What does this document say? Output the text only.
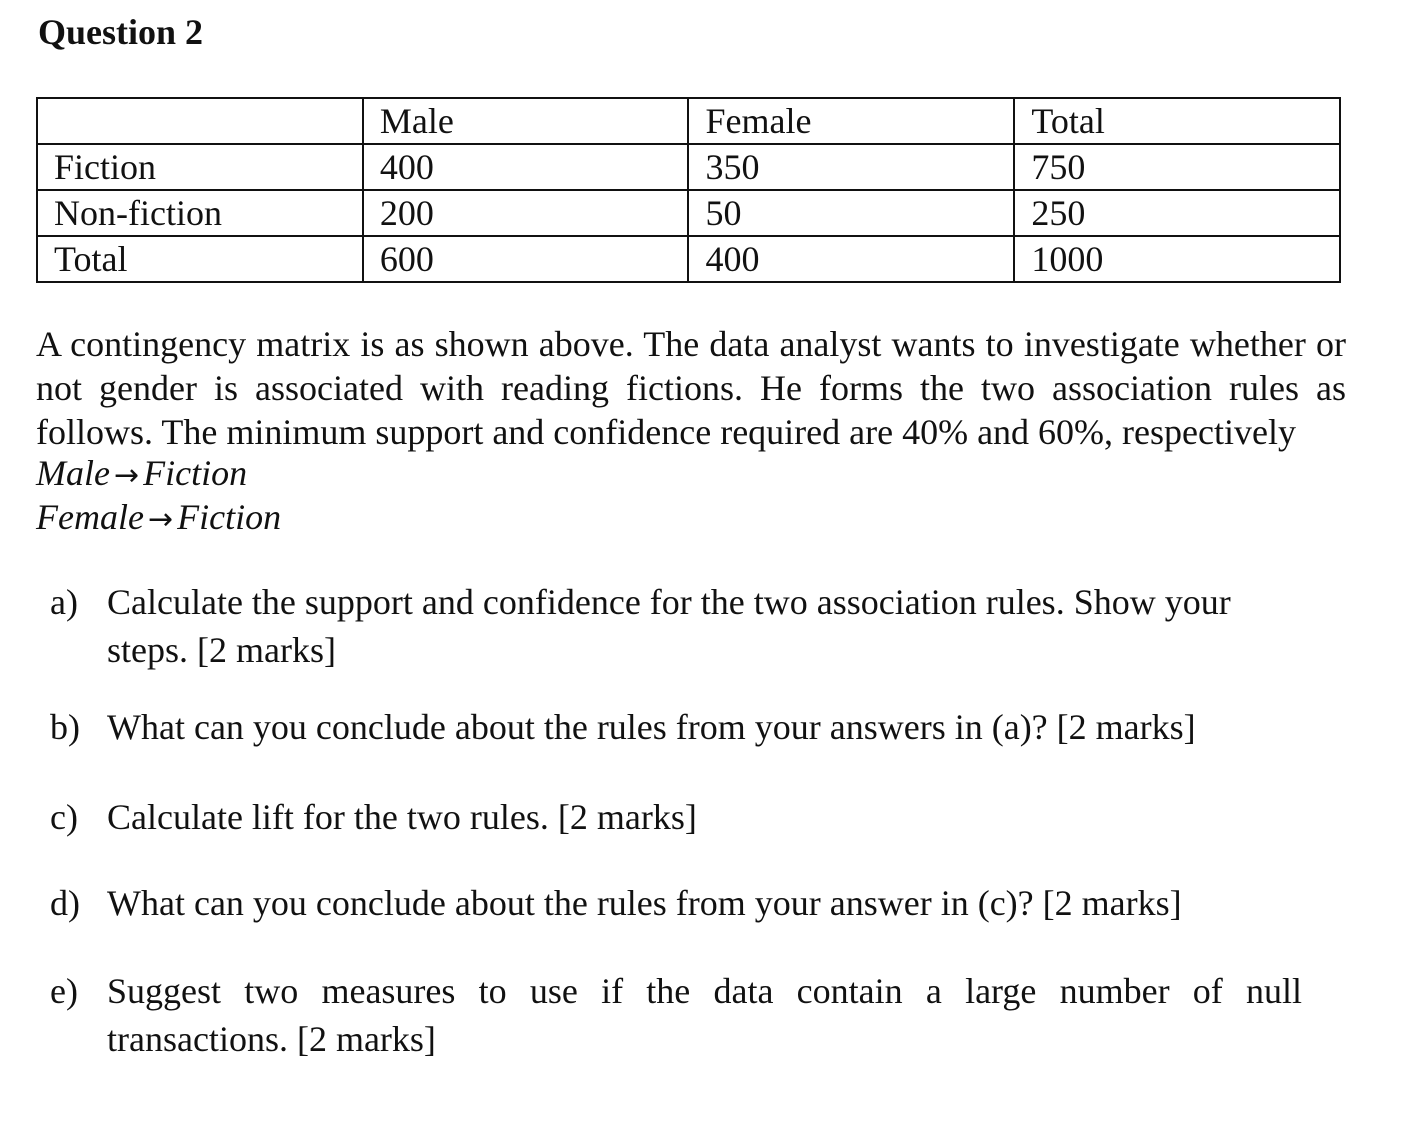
Question 2
	Male	Female	Total
Fiction	400	350	750
Non-fiction	200	50	250
Total	600	400	1000

A contingency matrix is as shown above. The data analyst wants to investigate whether or not gender is associated with reading fictions. He forms the two association rules as follows. The minimum support and confidence required are 40% and 60%, respectively

Male → Fiction

Female → Fiction

a) Calculate the support and confidence for the two association rules. Show your steps. [2 marks]
b) What can you conclude about the rules from your answers in (a)? [2 marks]
c) Calculate lift for the two rules. [2 marks]
d) What can you conclude about the rules from your answer in (c)? [2 marks]
e) Suggest two measures to use if the data contain a large number of null transactions. [2 marks]
